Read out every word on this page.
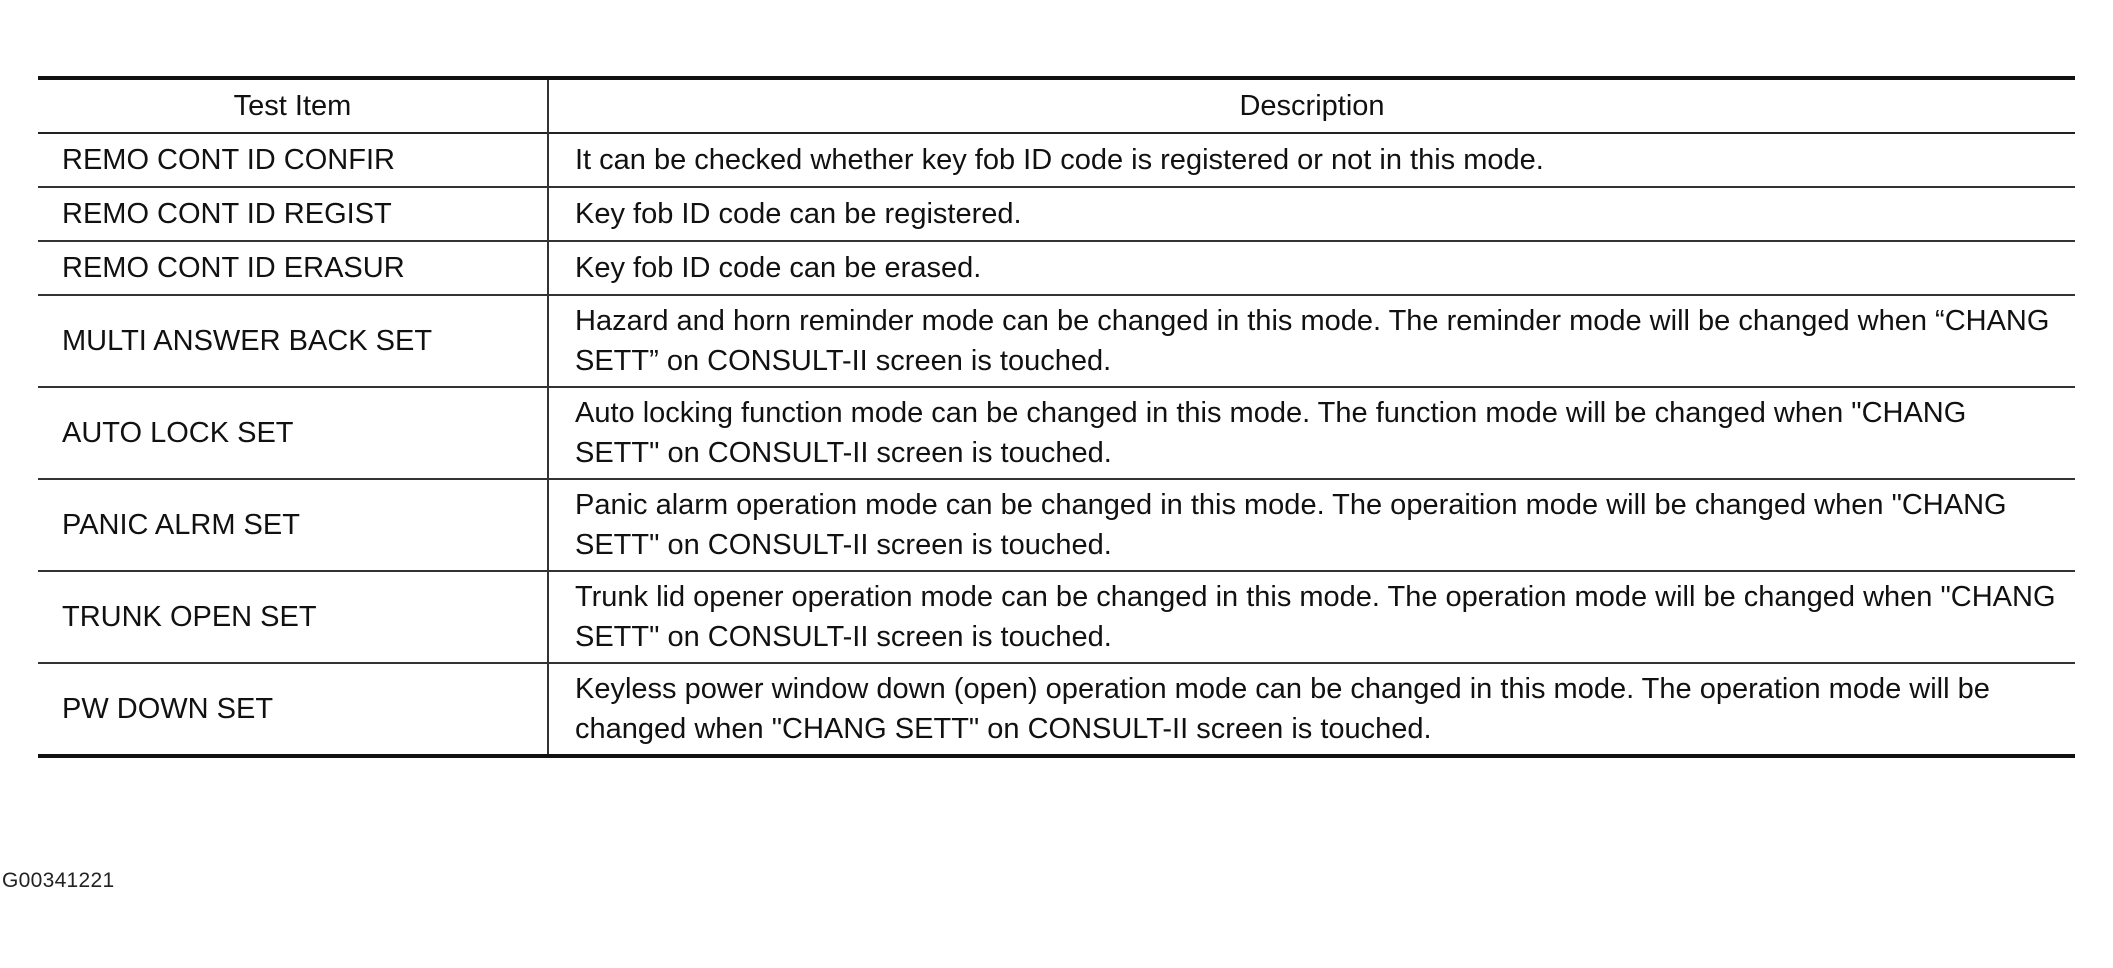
Test Item	Description
REMO CONT ID CONFIR	It can be checked whether key fob ID code is registered or not in this mode.
REMO CONT ID REGIST	Key fob ID code can be registered.
REMO CONT ID ERASUR	Key fob ID code can be erased.
MULTI ANSWER BACK SET	Hazard and horn reminder mode can be changed in this mode. The reminder mode will be changed when “CHANG SETT” on CONSULT-II screen is touched.
AUTO LOCK SET	Auto locking function mode can be changed in this mode. The function mode will be changed when "CHANG SETT" on CONSULT-II screen is touched.
PANIC ALRM SET	Panic alarm operation mode can be changed in this mode. The operaition mode will be changed when "CHANG SETT" on CONSULT-II screen is touched.
TRUNK OPEN SET	Trunk lid opener operation mode can be changed in this mode. The operation mode will be changed when "CHANG SETT" on CONSULT-II screen is touched.
PW DOWN SET	Keyless power window down (open) operation mode can be changed in this mode. The operation mode will be changed when "CHANG SETT" on CONSULT-II screen is touched.
G00341221
